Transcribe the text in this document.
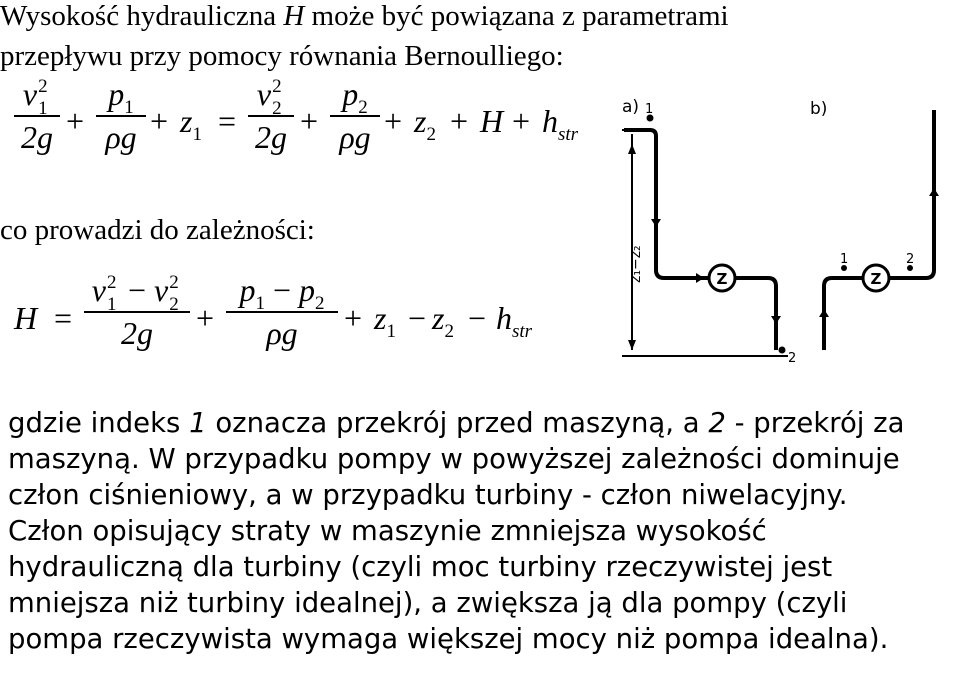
Wysokość hydrauliczna H może być powiązana z parametrami
przepływu przy pomocy równania Bernoulliego:
v 2
1
2g +
$p_1$
$\rho g + z_1$ =
v 2
2
2g +
$p_2$
$\rho g + z_2 + H + h_{str}$
co prowadzi do zależności:
H =
v 2
1 − v 2
2
2g	+
$p_1 - p_2$
ρg	+ $z_1 - z_2 - h_{str}$
a)	b)
z₁−z₂
1
Z
2
1
Z
2
gdzie indeks 1 oznacza przekrój przed maszyną, a 2 - przekrój za
maszyną. W przypadku pompy w powyższej zależności dominuje
człon ciśnieniowy, a w przypadku turbiny - człon niwelacyjny.
Człon opisujący straty w maszynie zmniejsza wysokość
hydrauliczną dla turbiny (czyli moc turbiny rzeczywistej jest
mniejsza niż turbiny idealnej), a zwiększa ją dla pompy (czyli
pompa rzeczywista wymaga większej mocy niż pompa idealna).
